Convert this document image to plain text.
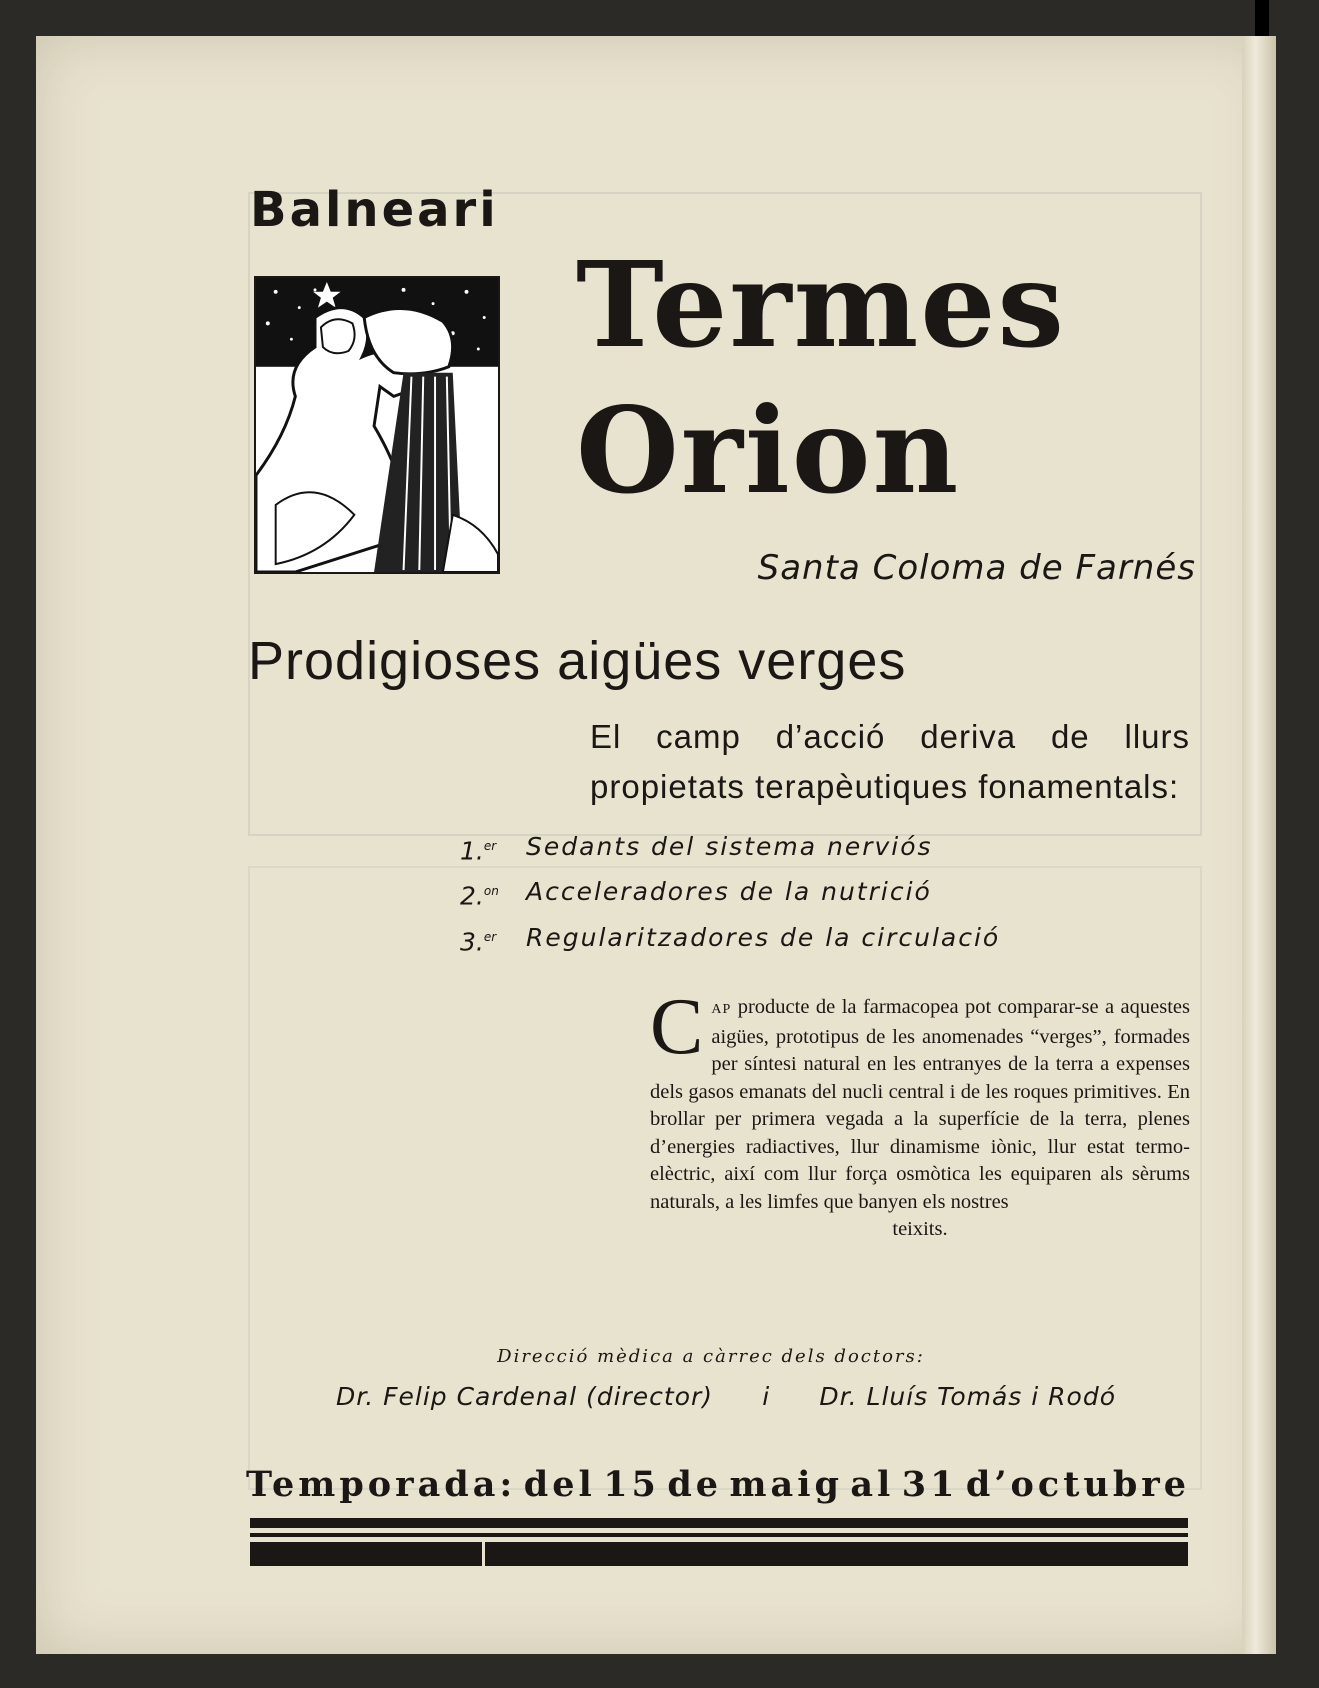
Balneari
Termes
Orion
Santa Coloma de Farnés
Prodigioses aigües verges
El camp d’acció deriva de llurs propietats terapèutiques fonamentals:
1.$^{er}$	Sedants del sistema nerviós
2.$^{on}$	Acceleradores de la nutrició
3.$^{er}$	Regularitzadores de la circulació
CAP producte de la farmacopea pot comparar-se a aquestes aigües, prototipus de les anomenades “verges”, formades per síntesi natural en les entranyes de la terra a expenses dels gasos emanats del nucli central i de les roques primitives. En brollar per primera vegada a la superfície de la terra, plenes d’energies radiactives, llur dinamisme iònic, llur estat termo-elèctric, així com llur força osmòtica les equiparen als sèrums naturals, a les limfes que banyen els nostres
teixits.
Direcció mèdica a càrrec dels doctors:
Dr. Felip Cardenal (director) i Dr. Lluís Tomás i Rodó
Temporada: del 15 de maig al 31 d’octubre
